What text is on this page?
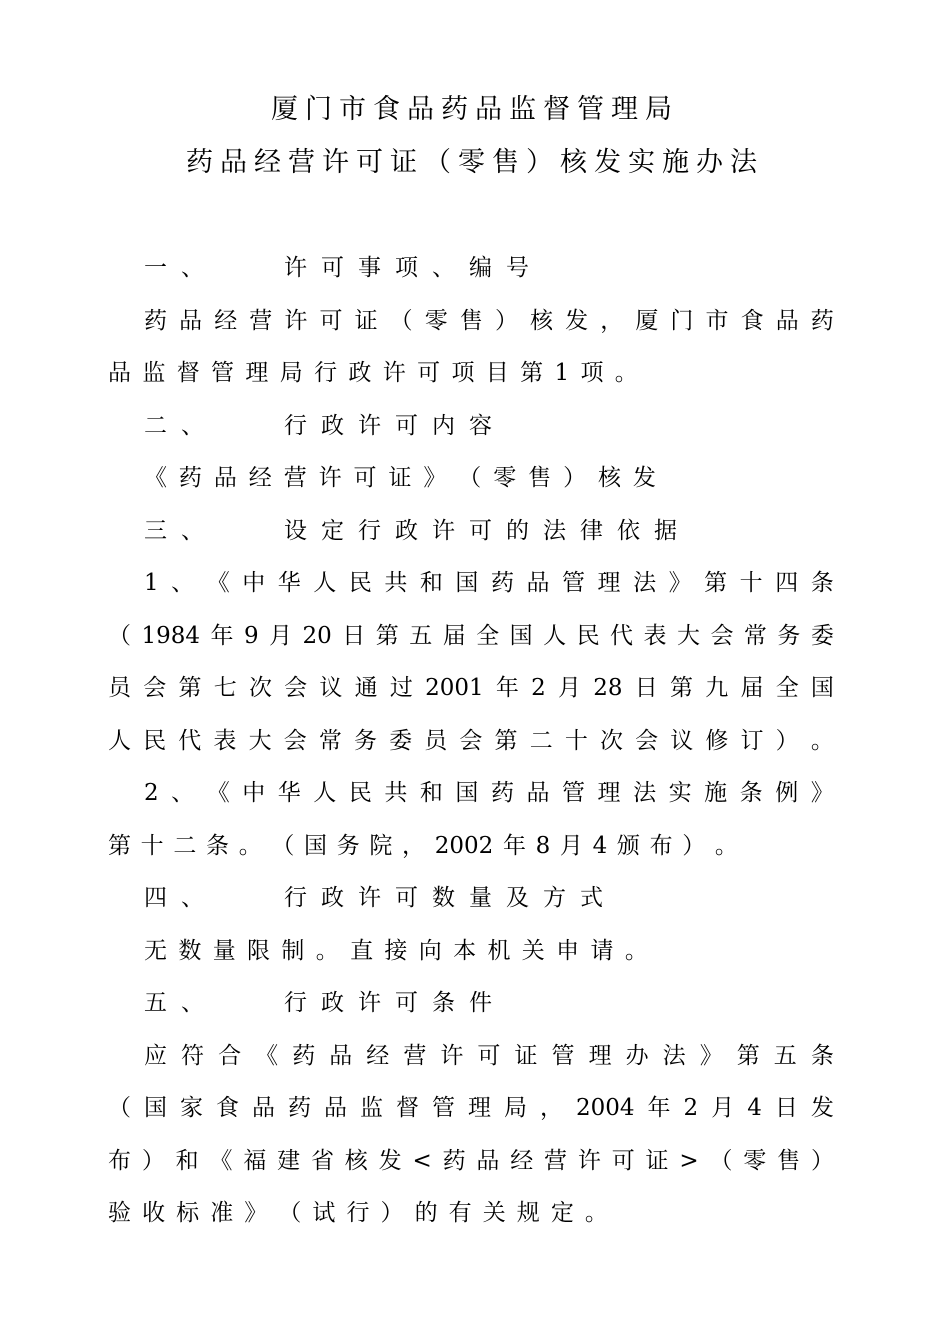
厦门市食品药品监督管理局
药品经营许可证（零售）核发实施办法
一、	许可事项、编号
药 品 经 营 许 可 证 （ 零 售 ） 核 发 ， 厦 门 市 食 品 药
品 监 督 管 理 局 行 政 许 可 项 目 第 1 项 。
二、	行政许可内容
《 药 品 经 营 许 可 证 》 （ 零 售 ） 核 发
三、	设定行政许可的法律依据
1 、 《 中 华 人 民 共 和 国 药 品 管 理 法 》 第 十 四 条
（ 1984 年 9 月 20 日 第 五 届 全 国 人 民 代 表 大 会 常 务 委
员 会 第 七 次 会 议 通 过 2001 年 2 月 28 日 第 九 届 全 国
人 民 代 表 大 会 常 务 委 员 会 第 二 十 次 会 议 修 订 ） 。
2 、 《 中 华 人 民 共 和 国 药 品 管 理 法 实 施 条 例 》
第 十 二 条 。 （ 国 务 院 ， 2002 年 8 月 4 颁 布 ） 。
四、	行政许可数量及方式
无 数 量 限 制 。 直 接 向 本 机 关 申 请 。
五、	行政许可条件
应 符 合 《 药 品 经 营 许 可 证 管 理 办 法 》 第 五 条
（ 国 家 食 品 药 品 监 督 管 理 局 ， 2004 年 2 月 4 日 发
布 ） 和 《 福 建 省 核 发 < 药 品 经 营 许 可 证 > （ 零 售 ）
验 收 标 准 》 （ 试 行 ） 的 有 关 规 定 。
